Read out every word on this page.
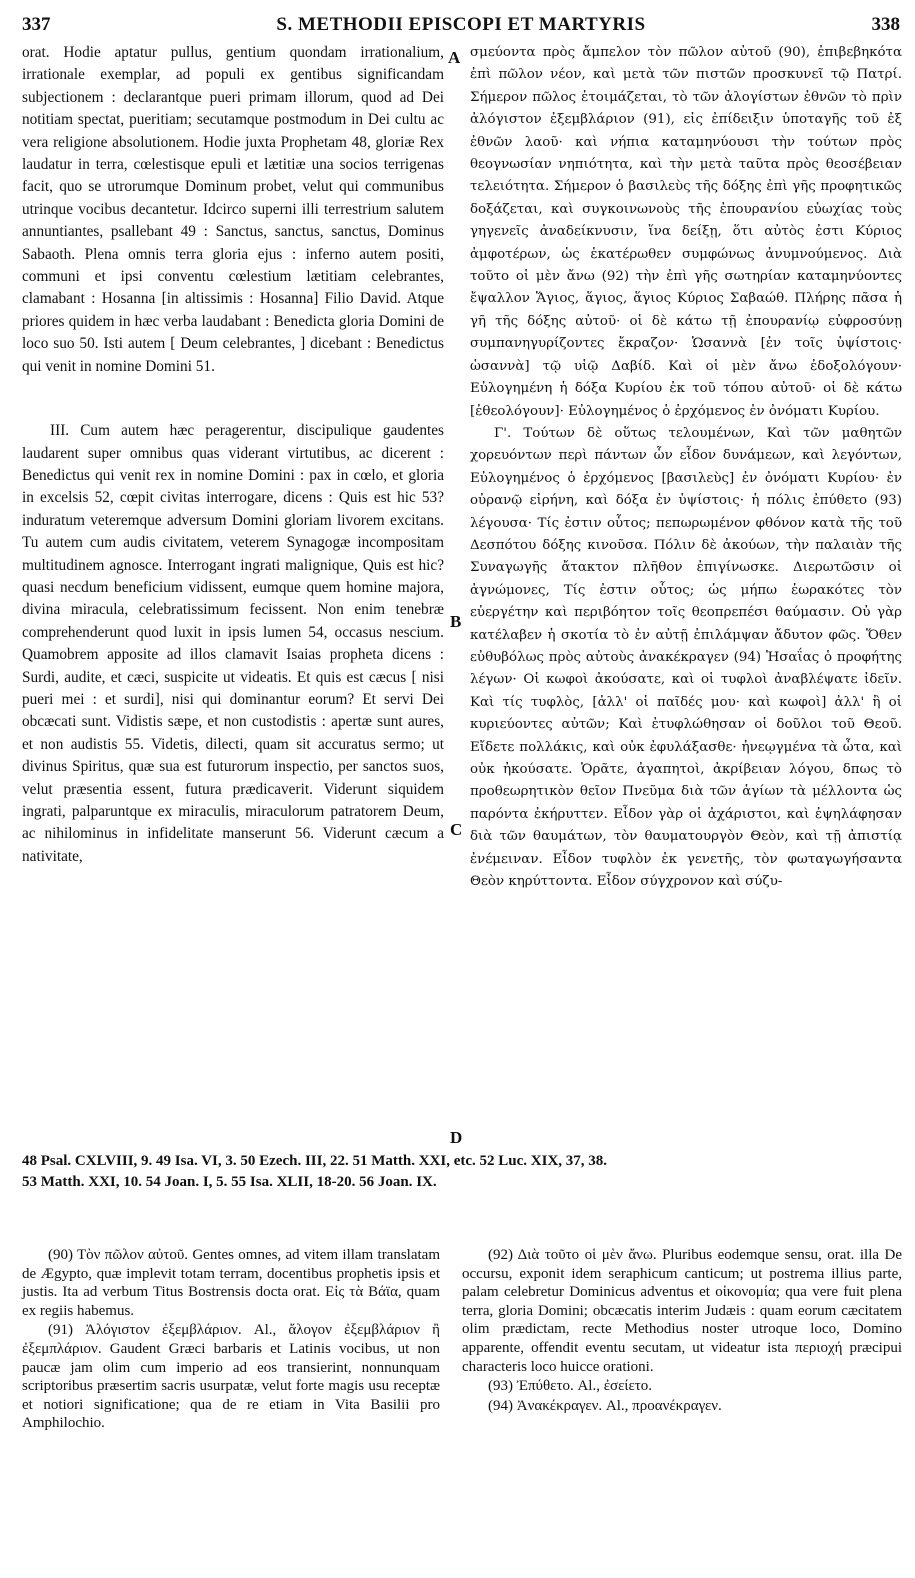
337	S. METHODII EPISCOPI ET MARTYRIS	338

orat. Hodie aptatur pullus, gentium quondam irrationalium, irrationale exemplar, ad populi ex gentibus significandam subjectionem : declarantque pueri primam illorum, quod ad Dei notitiam spectat, pueritiam; secutamque postmodum in Dei cultu ac vera religione absolutionem. Hodie juxta Prophetam 48, gloriæ Rex laudatur in terra, cœlestisque epuli et lætitiæ una socios terrigenas facit, quo se utrorumque Dominum probet, velut qui communibus utrinque vocibus decantetur. Idcirco superni illi terrestrium salutem annuntiantes, psallebant 49 : Sanctus, sanctus, sanctus, Dominus Sabaoth. Plena omnis terra gloria ejus : inferno autem positi, communi et ipsi conventu cœlestium lætitiam celebrantes, clamabant : Hosanna [in altissimis : Hosanna] Filio David. Atque priores quidem in hæc verba laudabant : Benedicta gloria Domini de loco suo 50. Isti autem [ Deum celebrantes, ] dicebant : Benedictus qui venit in nomine Domini 51.

III. Cum autem hæc peragerentur, discipulique gaudentes laudarent super omnibus quas viderant virtutibus, ac dicerent : Benedictus qui venit rex in nomine Domini : pax in cœlo, et gloria in excelsis 52, cœpit civitas interrogare, dicens : Quis est hic 53? induratum veteremque adversum Domini gloriam livorem excitans. Tu autem cum audis civitatem, veterem Synagogæ incompositam multitudinem agnosce. Interrogant ingrati malignique, Quis est hic? quasi necdum beneficium vidissent, eumque quem homine majora, divina miracula, celebratissimum fecissent. Non enim tenebræ comprehenderunt quod luxit in ipsis lumen 54, occasus nescium. Quamobrem apposite ad illos clamavit Isaias propheta dicens : Surdi, audite, et cæci, suspicite ut videatis. Et quis est cæcus [ nisi pueri mei : et surdi], nisi qui dominantur eorum? Et servi Dei obcæcati sunt. Vidistis sæpe, et non custodistis : apertæ sunt aures, et non audistis 55. Videtis, dilecti, quam sit accuratus sermo; ut divinus Spiritus, quæ sua est futurorum inspectio, per sanctos suos, velut præsentia essent, futura prædicaverit. Viderunt siquidem ingrati, palparuntque ex miraculis, miraculorum patratorem Deum, ac nihilominus in infidelitate manserunt 56. Viderunt cæcum a nativitate,

A
B
C
D

σμεύοντα πρὸς ἄμπελον τὸν πῶλον αὐτοῦ (90), ἐπιβεβηκότα ἐπὶ πῶλον νέον, καὶ μετὰ τῶν πιστῶν προσκυνεῖ τῷ Πατρί. Σήμερον πῶλος ἑτοιμάζεται, τὸ τῶν ἀλογίστων ἐθνῶν τὸ πρὶν ἀλόγιστον ἐξεμβλάριον (91), εἰς ἐπίδειξιν ὑποταγῆς τοῦ ἐξ ἐθνῶν λαοῦ· καὶ νήπια καταμηνύουσι τὴν τούτων πρὸς θεογνωσίαν νηπιότητα, καὶ τὴν μετὰ ταῦτα πρὸς θεοσέβειαν τελειότητα. Σήμερον ὁ βασιλεὺς τῆς δόξης ἐπὶ γῆς προφητικῶς δοξάζεται, καὶ συγκοινωνοὺς τῆς ἐπουρανίου εὐωχίας τοὺς γηγενεῖς ἀναδείκνυσιν, ἵνα δείξῃ, ὅτι αὐτὸς ἐστι Κύριος ἀμφοτέρων, ὡς ἑκατέρωθεν συμφώνως ἀνυμνούμενος. Διὰ τοῦτο οἱ μὲν ἄνω (92) τὴν ἐπὶ γῆς σωτηρίαν καταμηνύοντες ἔψαλλον Ἅγιος, ἅγιος, ἅγιος Κύριος Σαβαώθ. Πλήρης πᾶσα ἡ γῆ τῆς δόξης αὐτοῦ· οἱ δὲ κάτω τῇ ἐπουρανίῳ εὐφροσύνῃ συμπανηγυρίζοντες ἔκραζον· Ὡσαννὰ [ἐν τοῖς ὑψίστοις· ὡσαννὰ] τῷ υἱῷ Δαβίδ. Καὶ οἱ μὲν ἄνω ἐδοξολόγουν· Εὐλογημένη ἡ δόξα Κυρίου ἐκ τοῦ τόπου αὐτοῦ· οἱ δὲ κάτω [ἐθεολόγουν]· Εὐλογημένος ὁ ἐρχόμενος ἐν ὀνόματι Κυρίου.

Γ'. Τούτων δὲ οὕτως τελουμένων, Καὶ τῶν μαθητῶν χορευόντων περὶ πάντων ὧν εἶδον δυνάμεων, καὶ λεγόντων, Εὐλογημένος ὁ ἐρχόμενος [βασιλεὺς] ἐν ὀνόματι Κυρίου· ἐν οὐρανῷ εἰρήνη, καὶ δόξα ἐν ὑψίστοις· ἡ πόλις ἐπύθετο (93) λέγουσα· Τίς ἐστιν οὗτος; πεπωρωμένον φθόνον κατὰ τῆς τοῦ Δεσπότου δόξης κινοῦσα. Πόλιν δὲ ἀκούων, τὴν παλαιὰν τῆς Συναγωγῆς ἄτακτον πλῆθον ἐπιγίνωσκε. Διερωτῶσιν οἱ ἀγνώμονες, Τίς ἐστιν οὗτος; ὡς μήπω ἑωρακότες τὸν εὐεργέτην καὶ περιβόητον τοῖς θεοπρεπέσι θαύμασιν. Οὐ γὰρ κατέλαβεν ἡ σκοτία τὸ ἐν αὐτῇ ἐπιλάμψαν ἄδυτον φῶς. Ὅθεν εὐθυβόλως πρὸς αὐτοὺς ἀνακέκραγεν (94) Ἡσαΐας ὁ προφήτης λέγων· Οἱ κωφοὶ ἀκούσατε, καὶ οἱ τυφλοὶ ἀναβλέψατε ἰδεῖν. Καὶ τίς τυφλὸς, [ἀλλ' οἱ παῖδές μου· καὶ κωφοὶ] ἀλλ' ἢ οἱ κυριεύοντες αὐτῶν; Καὶ ἐτυφλώθησαν οἱ δοῦλοι τοῦ Θεοῦ. Εἴδετε πολλάκις, καὶ οὐκ ἐφυλάξασθε· ἠνεῳγμένα τὰ ὦτα, καὶ οὐκ ἠκούσατε. Ὁρᾶτε, ἀγαπητοὶ, ἀκρίβειαν λόγου, δπως τὸ προθεωρητικὸν θεῖον Πνεῦμα διὰ τῶν ἁγίων τὰ μέλλοντα ὡς παρόντα ἐκήρυττεν. Εἶδον γὰρ οἱ ἀχάριστοι, καὶ ἐψηλάφησαν διὰ τῶν θαυμάτων, τὸν θαυματουργὸν Θεὸν, καὶ τῇ ἀπιστίᾳ ἐνέμειναν. Εἶδον τυφλὸν ἐκ γενετῆς, τὸν φωταγωγήσαντα Θεὸν κηρύττοντα. Εἶδον σύγχρονον καὶ σύζυ-

48 Psal. CXLVIII, 9. 49 Isa. VI, 3. 50 Ezech. III, 22. 51 Matth. XXI, etc. 52 Luc. XIX, 37, 38.
53 Matth. XXI, 10. 54 Joan. I, 5. 55 Isa. XLII, 18-20. 56 Joan. IX.

(90) Τὸν πῶλον αὐτοῦ. Gentes omnes, ad vitem illam translatam de Ægypto, quæ implevit totam terram, docentibus prophetis ipsis et justis. Ita ad verbum Titus Bostrensis docta orat. Εἰς τὰ Βάϊα, quam ex regiis habemus.

(91) Ἀλόγιστον ἐξεμβλάριον. Al., ἄλογον ἐξεμβλάριον ἢ ἐξεμπλάριον. Gaudent Græci barbaris et Latinis vocibus, ut non paucæ jam olim cum imperio ad eos transierint, nonnunquam scriptoribus præsertim sacris usurpatæ, velut forte magis usu receptæ et notiori significatione; qua de re etiam in Vita Basilii pro Amphilochio.

(92) Διὰ τοῦτο οἱ μὲν ἄνω. Pluribus eodemque sensu, orat. illa De occursu, exponit idem seraphicum canticum; ut postrema illius parte, palam celebretur Dominicus adventus et οἰκονομία; qua vere fuit plena terra, gloria Domini; obcæcatis interim Judæis : quam eorum cæcitatem olim prædictam, recte Methodius noster utroque loco, Domino apparente, offendit eventu secutam, ut videatur ista περιοχή præcipui characteris loco huicce orationi.

(93) Ἐπύθετο. Al., ἐσείετο.

(94) Ἀνακέκραγεν. Al., προανέκραγεν.
